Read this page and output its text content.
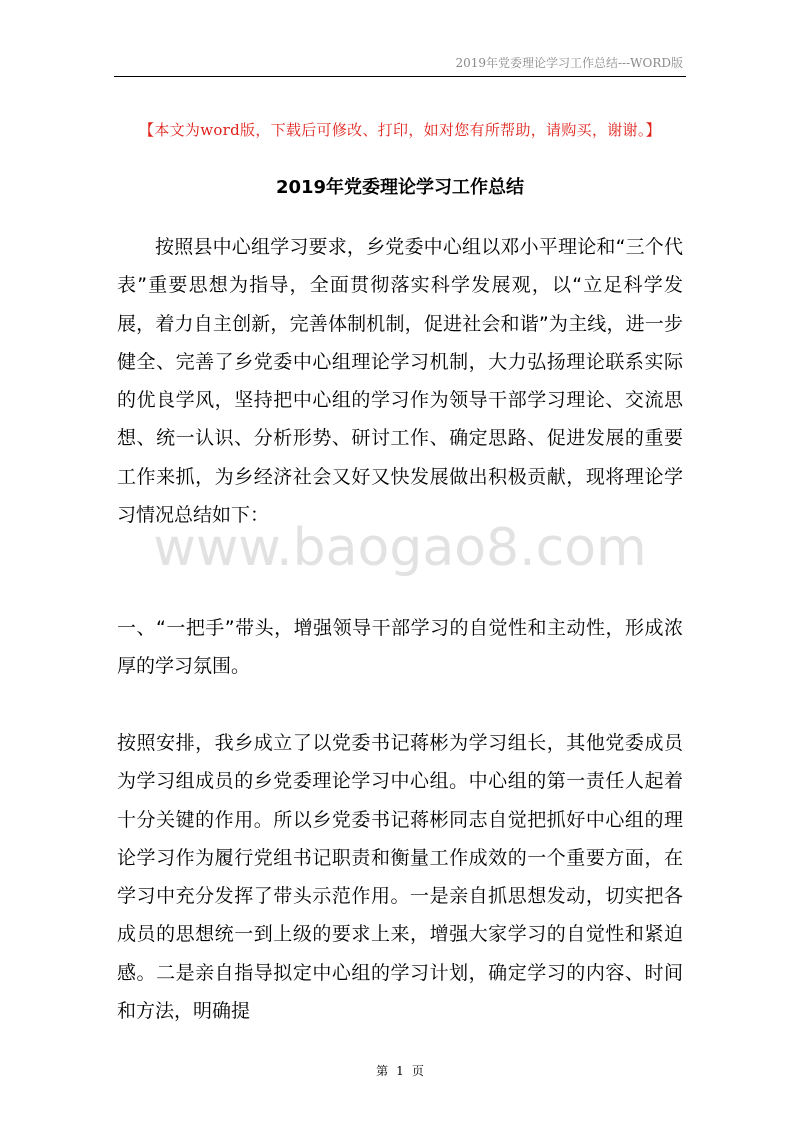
2019年党委理论学习工作总结---WORD版
【本文为word版，下载后可修改、打印，如对您有所帮助，请购买，谢谢。】
2019年党委理论学习工作总结

按照县中心组学习要求，乡党委中心组以邓小平理论和“三个代表”重要思想为指导，全面贯彻落实科学发展观，以“立足科学发展，着力自主创新，完善体制机制，促进社会和谐”为主线，进一步健全、完善了乡党委中心组理论学习机制，大力弘扬理论联系实际的优良学风，坚持把中心组的学习作为领导干部学习理论、交流思想、统一认识、分析形势、研讨工作、确定思路、促进发展的重要工作来抓，为乡经济社会又好又快发展做出积极贡献，现将理论学习情况总结如下：

www.baogao8.com

一、“一把手”带头，增强领导干部学习的自觉性和主动性，形成浓厚的学习氛围。

按照安排，我乡成立了以党委书记蒋彬为学习组长，其他党委成员为学习组成员的乡党委理论学习中心组。中心组的第一责任人起着十分关键的作用。所以乡党委书记蒋彬同志自觉把抓好中心组的理论学习作为履行党组书记职责和衡量工作成效的一个重要方面，在学习中充分发挥了带头示范作用。一是亲自抓思想发动，切实把各成员的思想统一到上级的要求上来，增强大家学习的自觉性和紧迫感。二是亲自指导拟定中心组的学习计划，确定学习的内容、时间和方法，明确提

第 1 页
